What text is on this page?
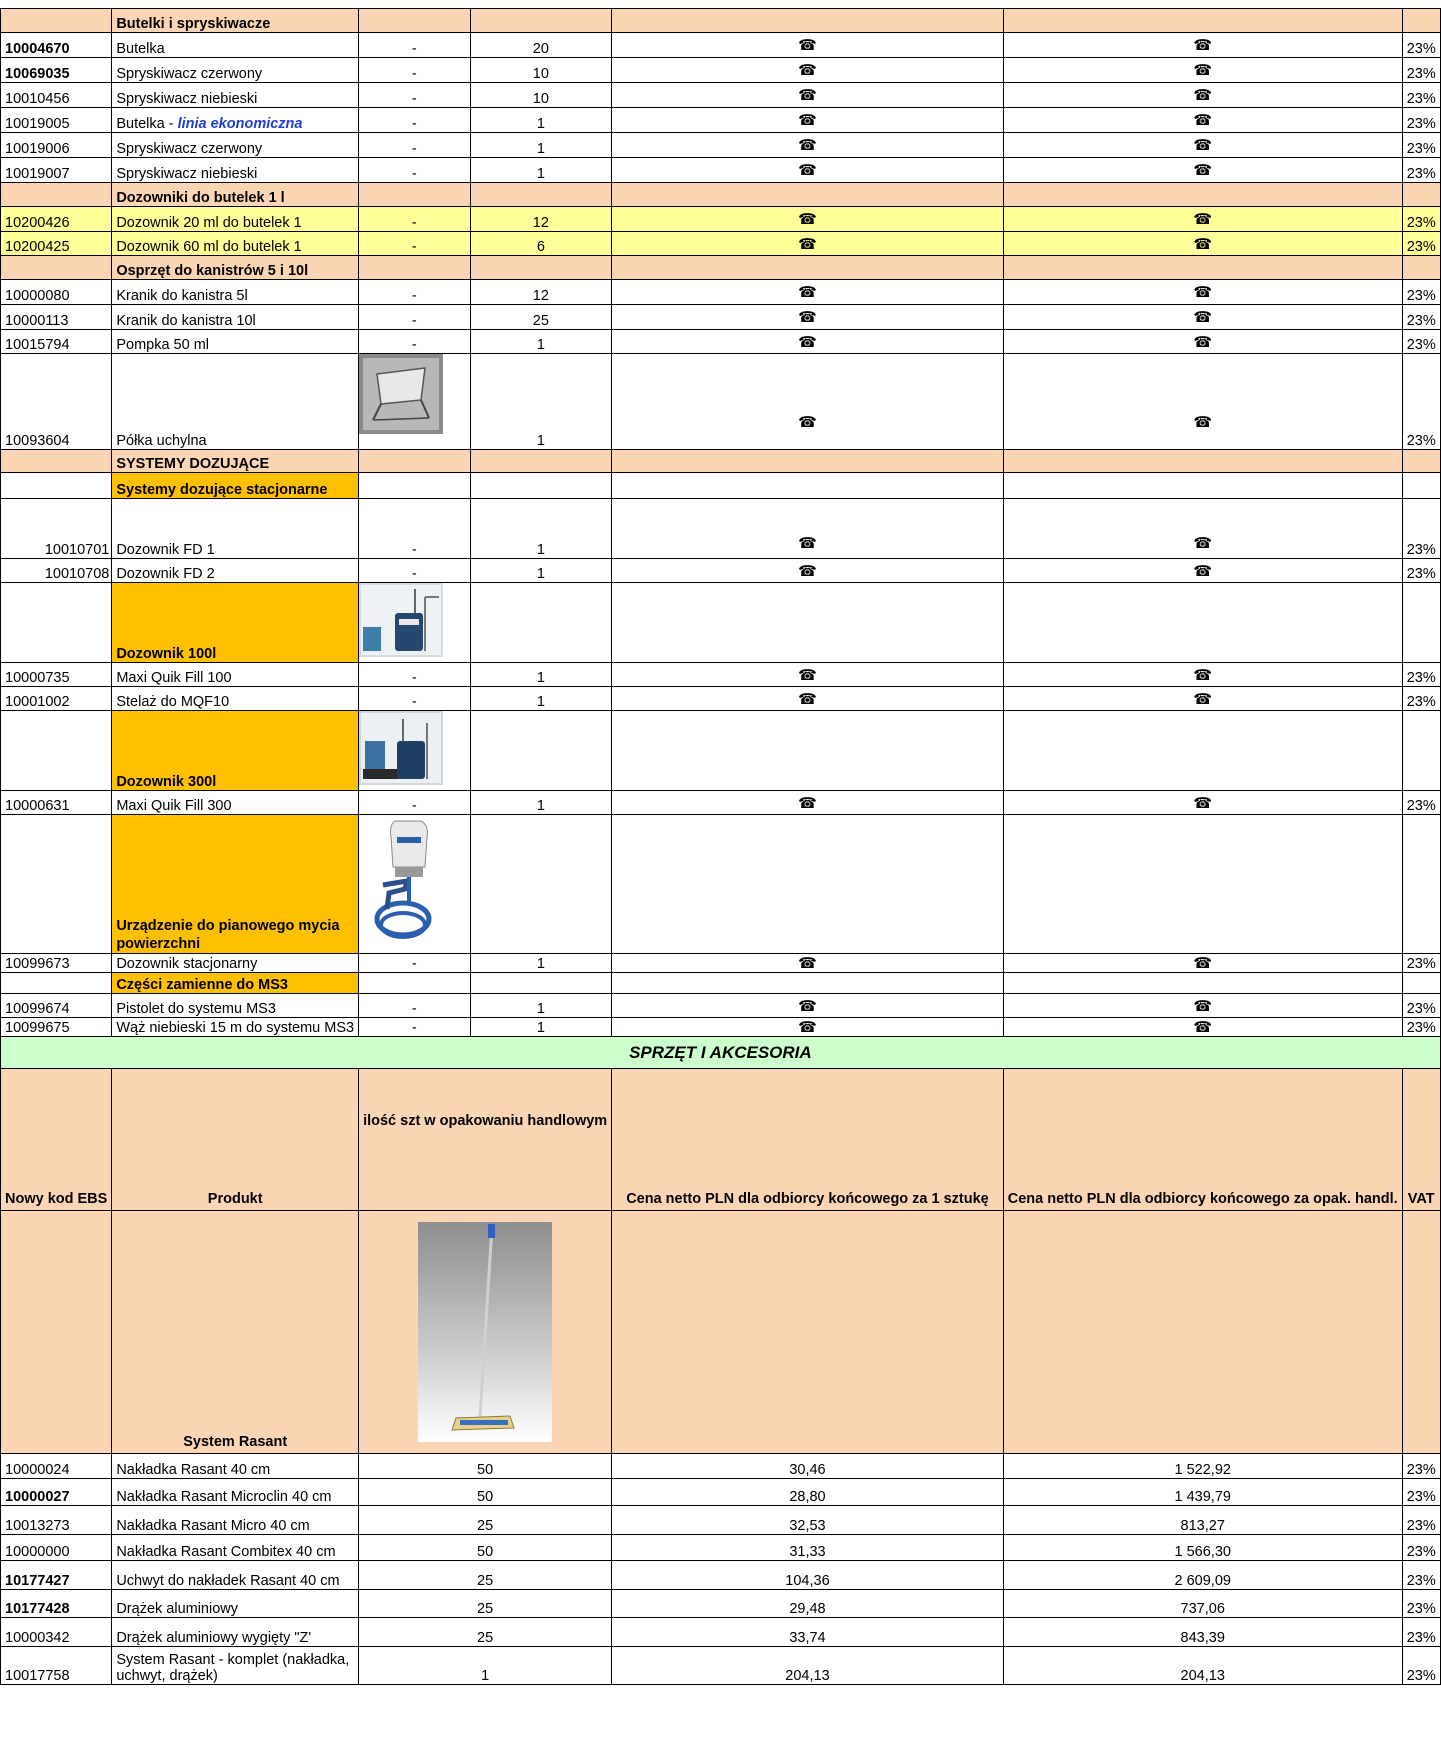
	Butelki i spryskiwacze					
10004670	Butelka	-	20	☎	☎	23%
10069035	Spryskiwacz czerwony	-	10	☎	☎	23%
10010456	Spryskiwacz niebieski	-	10	☎	☎	23%
10019005	Butelka - linia ekonomiczna	-	1	☎	☎	23%
10019006	Spryskiwacz czerwony	-	1	☎	☎	23%
10019007	Spryskiwacz niebieski	-	1	☎	☎	23%
	Dozowniki do butelek 1 l					
10200426	Dozownik 20 ml do butelek 1	-	12	☎	☎	23%
10200425	Dozownik 60 ml do butelek 1	-	6	☎	☎	23%
	Osprzęt do kanistrów 5 i 10l					
10000080	Kranik do kanistra 5l	-	12	☎	☎	23%
10000113	Kranik do kanistra 10l	-	25	☎	☎	23%
10015794	Pompka 50 ml	-	1	☎	☎	23%
10093604	Półka uchylna		1	☎	☎	23%
	SYSTEMY DOZUJĄCE					
	Systemy dozujące stacjonarne					
10010701	Dozownik FD 1	-	1	☎	☎	23%
10010708	Dozownik FD 2	-	1	☎	☎	23%
	Dozownik 100l					
10000735	Maxi Quik Fill 100	-	1	☎	☎	23%
10001002	Stelaż do MQF10	-	1	☎	☎	23%
	Dozownik 300l					
10000631	Maxi Quik Fill 300	-	1	☎	☎	23%
	Urządzenie do pianowego mycia powierzchni					
10099673	Dozownik stacjonarny	-	1	☎	☎	23%
	Części zamienne do MS3					
10099674	Pistolet do systemu MS3	-	1	☎	☎	23%
10099675	Wąż niebieski 15 m do systemu MS3	-	1	☎	☎	23%
SPRZĘT I AKCESORIA						
Nowy kod EBS	Produkt	ilość szt w opakowaniu handlowym		Cena netto PLN dla odbiorcy końcowego za 1 sztukę	Cena netto PLN dla odbiorcy końcowego za opak. handl.	VAT
	System Rasant				
10000024	Nakładka Rasant 40 cm	50		30,46	1 522,92	23%
10000027	Nakładka Rasant Microclin 40 cm	50		28,80	1 439,79	23%
10013273	Nakładka Rasant Micro 40 cm	25		32,53	813,27	23%
10000000	Nakładka Rasant Combitex 40 cm	50		31,33	1 566,30	23%
10177427	Uchwyt do nakładek Rasant 40 cm	25		104,36	2 609,09	23%
10177428	Drążek aluminiowy	25		29,48	737,06	23%
10000342	Drążek aluminiowy wygięty "Z'	25		33,74	843,39	23%
10017758	System Rasant - komplet (nakładka, uchwyt, drążek)	1		204,13	204,13	23%
